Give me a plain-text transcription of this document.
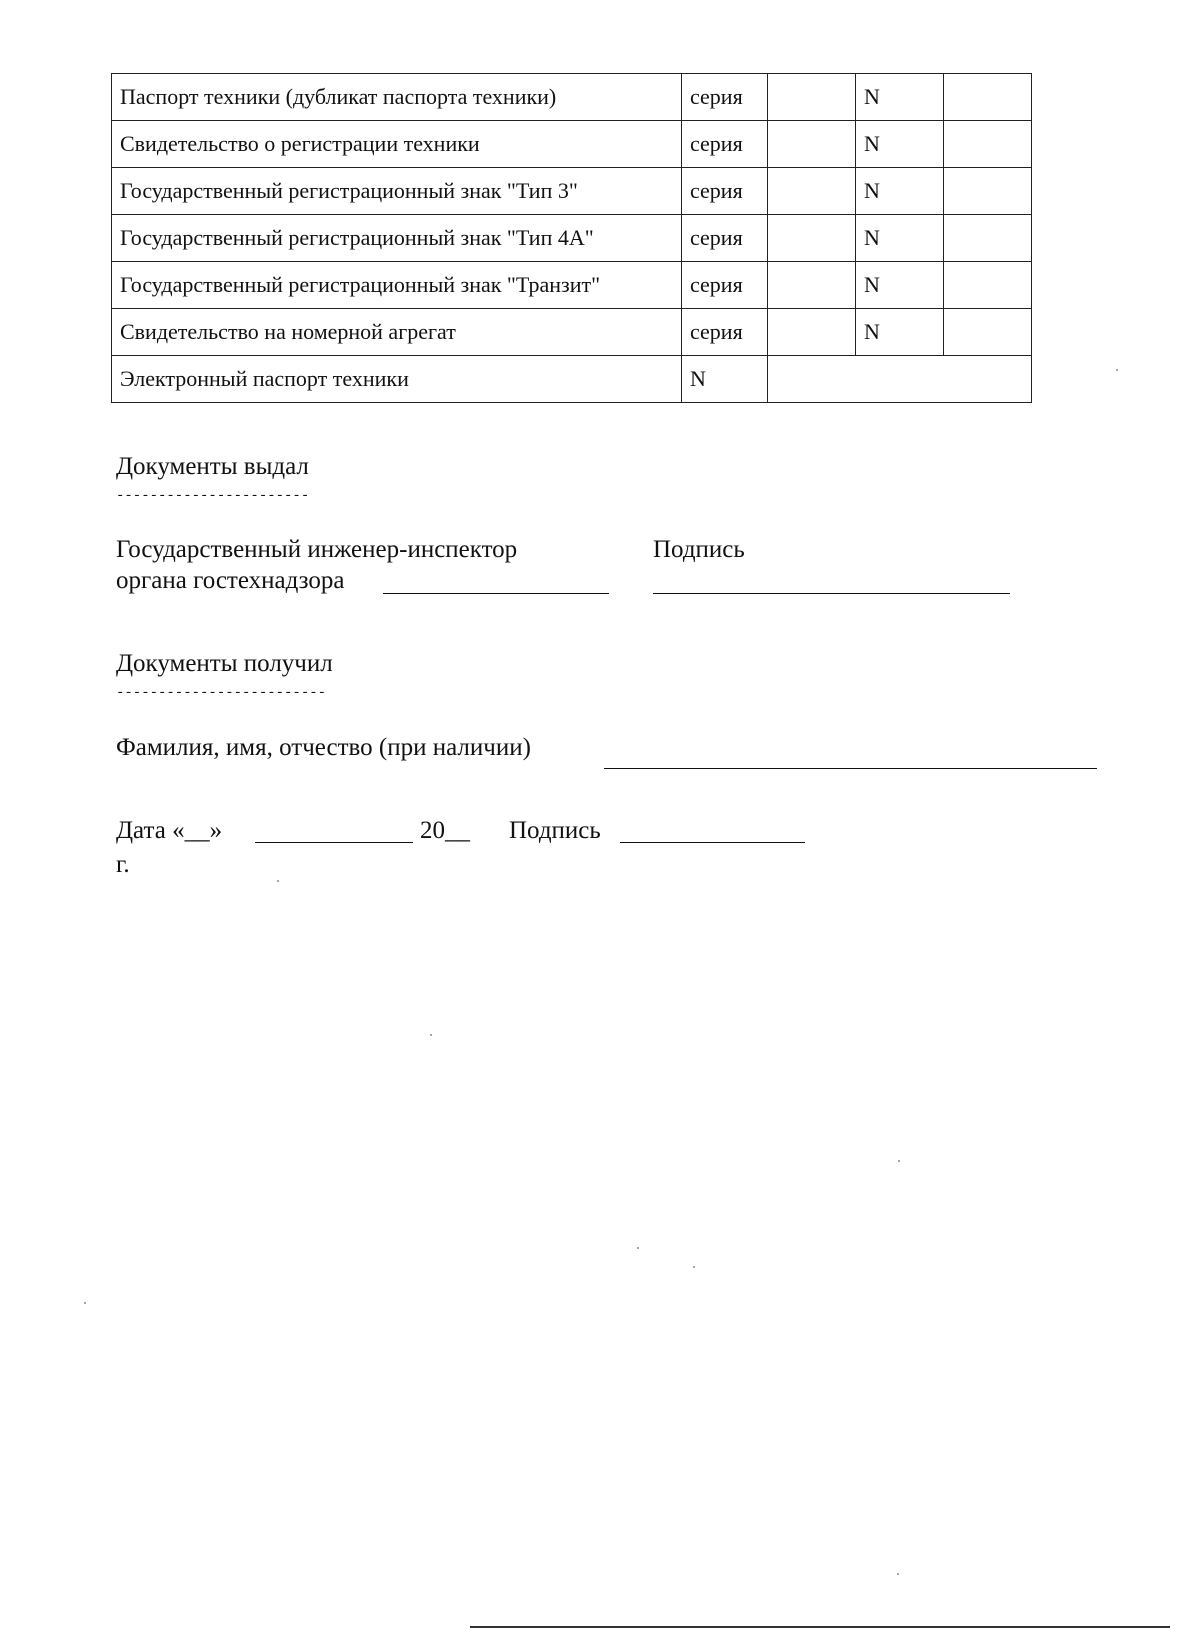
Паспорт техники (дубликат паспорта техники)	серия		N	
Свидетельство о регистрации техники	серия		N	
Государственный регистрационный знак "Тип 3"	серия		N	
Государственный регистрационный знак "Тип 4А"	серия		N	
Государственный регистрационный знак "Транзит"	серия		N	
Свидетельство на номерной агрегат	серия		N	
Электронный паспорт техники	N			
Документы выдал
-----------------------
Государственный инженер-инспектор
органа гостехнадзора
Подпись
Документы получил
-------------------------
Фамилия, имя, отчество (при наличии)
Дата «__»	20__ Подпись
г.
